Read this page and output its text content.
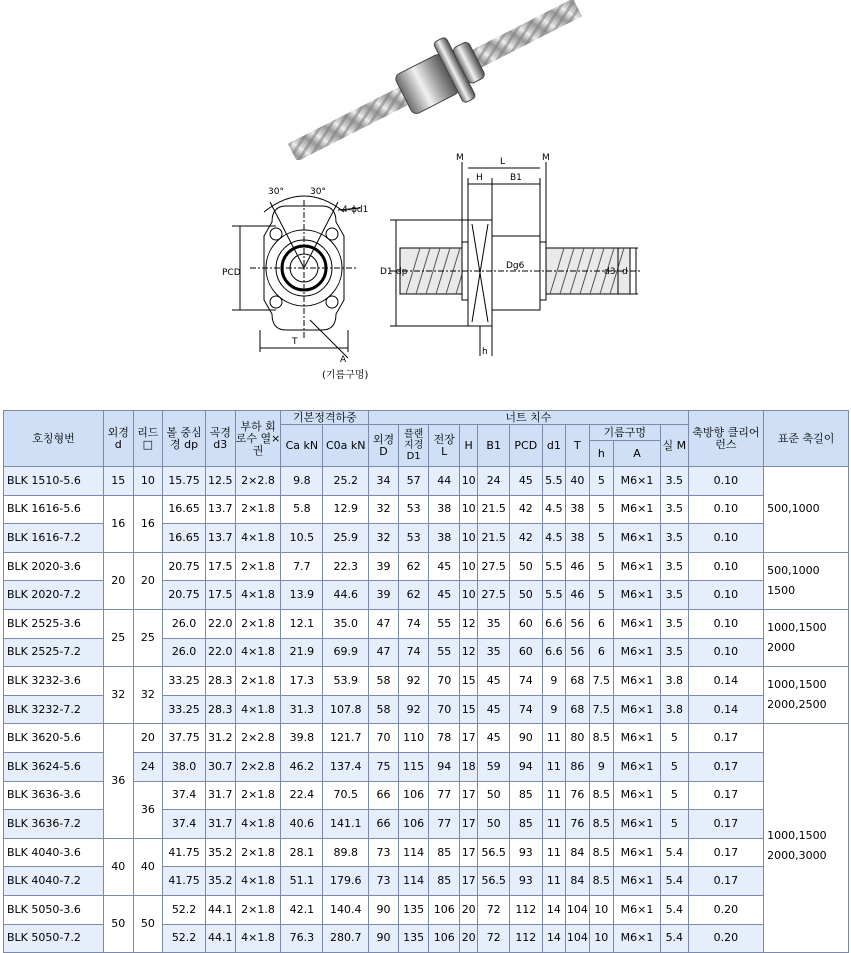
30°	30°
4-ϕd1
PCD
T
A
(기름구멍)
M	L	M
H	B1
D1 dp
Dg6
d3 d
h
호칭형번	외경 d	리드 □	볼 중심경 dp	곡경 d3	부하 회로수 열×권	기본정격하중		너트 치수											축방향 클리어런스	표준 축길이
						Ca kN	C0a kN	외경 D	플랜 지경 D1	전장 L	H	B1	PCD	d1	T	기름구멍		실 M		
																h	A			
BLK 1510-5.6	15	10	15.75	12.5	2×2.8	9.8	25.2	34	57	44	10	24	45	5.5	40	5	M6×1	3.5	0.10	500,1000
BLK 1616-5.6	16	16	16.65	13.7	2×1.8	5.8	12.9	32	53	38	10	21.5	42	4.5	38	5	M6×1	3.5	0.10	
BLK 1616-7.2			16.65	13.7	4×1.8	10.5	25.9	32	53	38	10	21.5	42	4.5	38	5	M6×1	3.5	0.10	
BLK 2020-3.6	20	20	20.75	17.5	2×1.8	7.7	22.3	39	62	45	10	27.5	50	5.5	46	5	M6×1	3.5	0.10	500,1000
1500
BLK 2020-7.2			20.75	17.5	4×1.8	13.9	44.6	39	62	45	10	27.5	50	5.5	46	5	M6×1	3.5	0.10	
BLK 2525-3.6	25	25	26.0	22.0	2×1.8	12.1	35.0	47	74	55	12	35	60	6.6	56	6	M6×1	3.5	0.10	1000,1500
2000
BLK 2525-7.2			26.0	22.0	4×1.8	21.9	69.9	47	74	55	12	35	60	6.6	56	6	M6×1	3.5	0.10	
BLK 3232-3.6	32	32	33.25	28.3	2×1.8	17.3	53.9	58	92	70	15	45	74	9	68	7.5	M6×1	3.8	0.14	1000,1500
2000,2500
BLK 3232-7.2			33.25	28.3	4×1.8	31.3	107.8	58	92	70	15	45	74	9	68	7.5	M6×1	3.8	0.14	
BLK 3620-5.6	36	20	37.75	31.2	2×2.8	39.8	121.7	70	110	78	17	45	90	11	80	8.5	M6×1	5	0.17	1000,1500
2000,3000
BLK 3624-5.6		24	38.0	30.7	2×2.8	46.2	137.4	75	115	94	18	59	94	11	86	9	M6×1	5	0.17	
BLK 3636-3.6		36	37.4	31.7	2×1.8	22.4	70.5	66	106	77	17	50	85	11	76	8.5	M6×1	5	0.17	
BLK 3636-7.2			37.4	31.7	4×1.8	40.6	141.1	66	106	77	17	50	85	11	76	8.5	M6×1	5	0.17	
BLK 4040-3.6	40	40	41.75	35.2	2×1.8	28.1	89.8	73	114	85	17	56.5	93	11	84	8.5	M6×1	5.4	0.17	
BLK 4040-7.2			41.75	35.2	4×1.8	51.1	179.6	73	114	85	17	56.5	93	11	84	8.5	M6×1	5.4	0.17	
BLK 5050-3.6	50	50	52.2	44.1	2×1.8	42.1	140.4	90	135	106	20	72	112	14	104	10	M6×1	5.4	0.20	
BLK 5050-7.2			52.2	44.1	4×1.8	76.3	280.7	90	135	106	20	72	112	14	104	10	M6×1	5.4	0.20	
